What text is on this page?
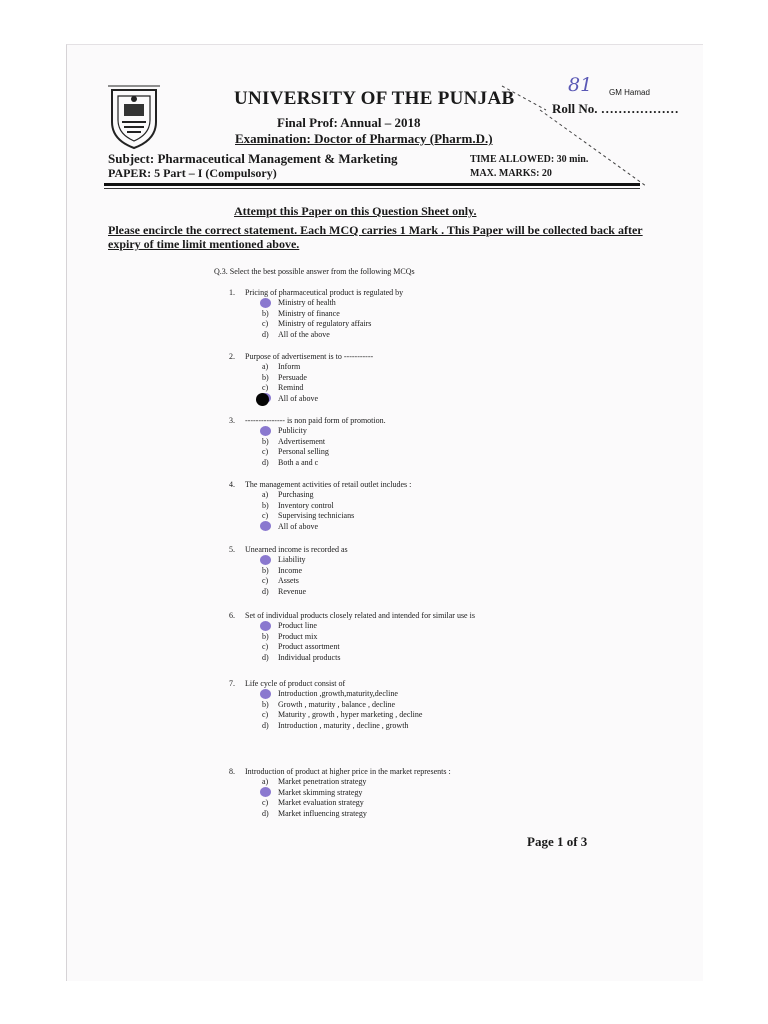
UNIVERSITY OF THE PUNJAB
Final Prof: Annual – 2018
Examination: Doctor of Pharmacy (Pharm.D.)
81 GM Hamad
Roll No. ………………
Subject: Pharmaceutical Management & Marketing
PAPER: 5 Part – I (Compulsory)
TIME ALLOWED: 30 min.
MAX. MARKS: 20
Attempt this Paper on this Question Sheet only.
Please encircle the correct statement. Each MCQ carries 1 Mark . This Paper will be collected back after expiry of time limit mentioned above.
Q.3. Select the best possible answer from the following MCQs
1. Pricing of pharmaceutical product is regulated by
Ministry of health
b) Ministry of finance
c) Ministry of regulatory affairs
d) All of the above
2. Purpose of advertisement is to -----------
a) Inform
b) Persuade
c) Remind
All of above
3. --------------- is non paid form of promotion.
Publicity
b) Advertisement
c) Personal selling
d) Both a and c
4. The management activities of retail outlet includes :
a) Purchasing
b) Inventory control
c) Supervising technicians
All of above
5. Unearned income is recorded as
Liability
b) Income
c) Assets
d) Revenue
6. Set of individual products closely related and intended for similar use is
Product line
b) Product mix
c) Product assortment
d) Individual products
7. Life cycle of product consist of
Introduction ,growth,maturity,decline
b) Growth , maturity , balance , decline
c) Maturity , growth , hyper marketing , decline
d) Introduction , maturity , decline , growth
8. Introduction of product at higher price in the market represents :
a) Market penetration strategy
Market skimming strategy
c) Market evaluation strategy
d) Market influencing strategy
Page 1 of 3
